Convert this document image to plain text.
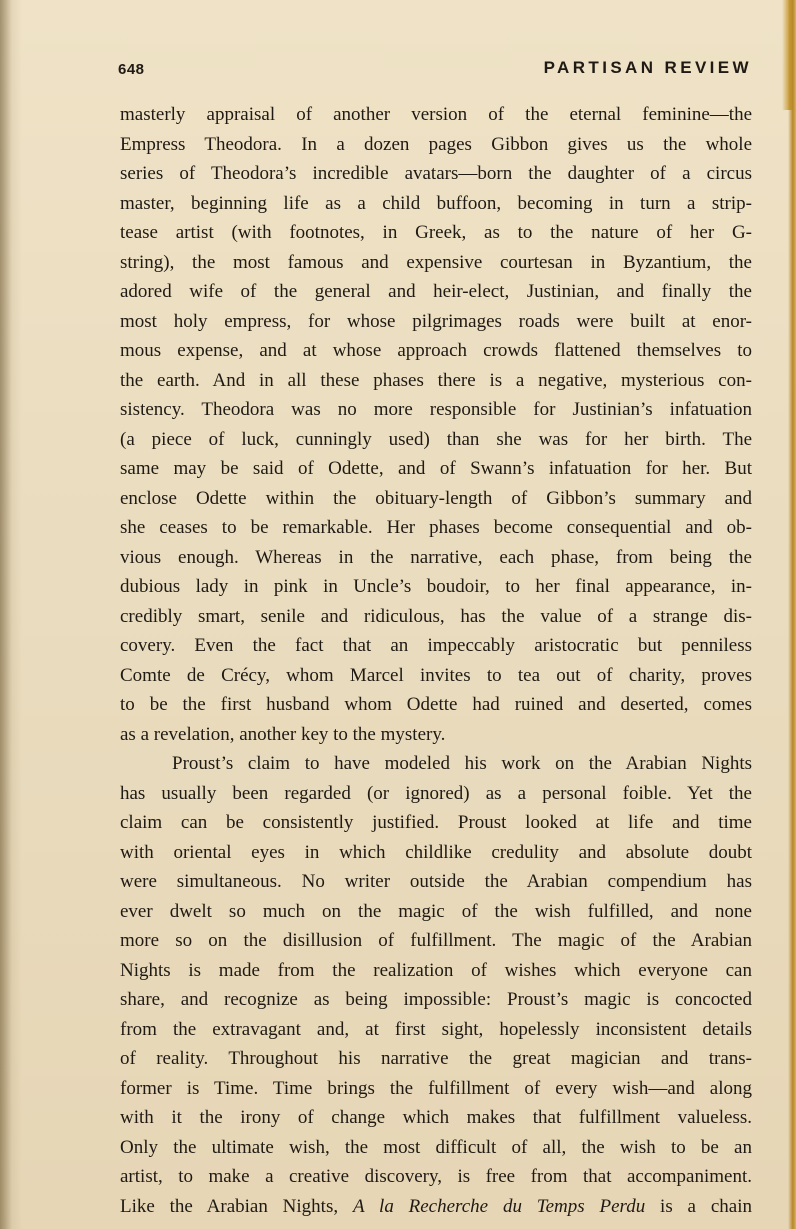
648	PARTISAN REVIEW
masterly appraisal of another version of the eternal feminine—the
Empress Theodora. In a dozen pages Gibbon gives us the whole
series of Theodora’s incredible avatars—born the daughter of a circus
master, beginning life as a child buffoon, becoming in turn a strip-
tease artist (with footnotes, in Greek, as to the nature of her G-
string), the most famous and expensive courtesan in Byzantium, the
adored wife of the general and heir-elect, Justinian, and finally the
most holy empress, for whose pilgrimages roads were built at enor-
mous expense, and at whose approach crowds flattened themselves to
the earth. And in all these phases there is a negative, mysterious con-
sistency. Theodora was no more responsible for Justinian’s infatuation
(a piece of luck, cunningly used) than she was for her birth. The
same may be said of Odette, and of Swann’s infatuation for her. But
enclose Odette within the obituary-length of Gibbon’s summary and
she ceases to be remarkable. Her phases become consequential and ob-
vious enough. Whereas in the narrative, each phase, from being the
dubious lady in pink in Uncle’s boudoir, to her final appearance, in-
credibly smart, senile and ridiculous, has the value of a strange dis-
covery. Even the fact that an impeccably aristocratic but penniless
Comte de Crécy, whom Marcel invites to tea out of charity, proves
to be the first husband whom Odette had ruined and deserted, comes
as a revelation, another key to the mystery.
Proust’s claim to have modeled his work on the Arabian Nights
has usually been regarded (or ignored) as a personal foible. Yet the
claim can be consistently justified. Proust looked at life and time
with oriental eyes in which childlike credulity and absolute doubt
were simultaneous. No writer outside the Arabian compendium has
ever dwelt so much on the magic of the wish fulfilled, and none
more so on the disillusion of fulfillment. The magic of the Arabian
Nights is made from the realization of wishes which everyone can
share, and recognize as being impossible: Proust’s magic is concocted
from the extravagant and, at first sight, hopelessly inconsistent details
of reality. Throughout his narrative the great magician and trans-
former is Time. Time brings the fulfillment of every wish—and along
with it the irony of change which makes that fulfillment valueless.
Only the ultimate wish, the most difficult of all, the wish to be an
artist, to make a creative discovery, is free from that accompaniment.
Like the Arabian Nights, A la Recherche du Temps Perdu is a chain
